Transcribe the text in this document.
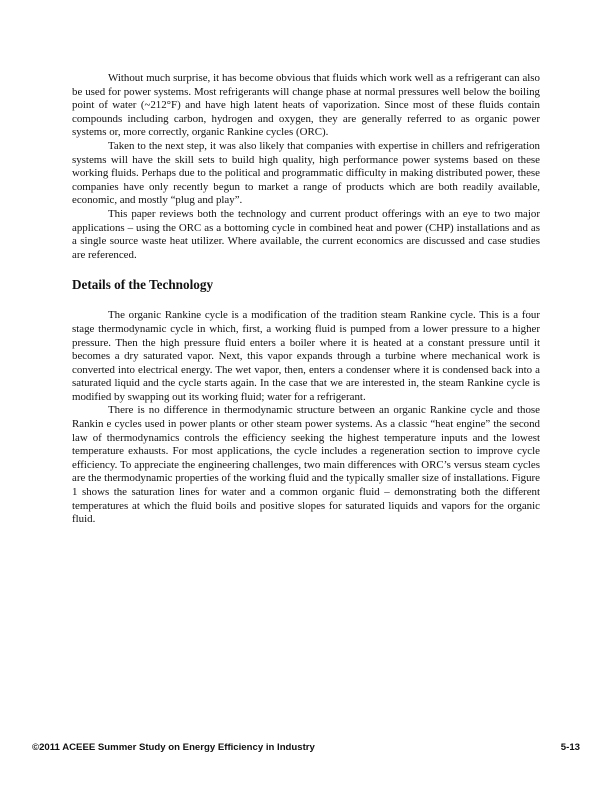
Without much surprise, it has become obvious that fluids which work well as a refrigerant can also be used for power systems. Most refrigerants will change phase at normal pressures well below the boiling point of water (~212°F) and have high latent heats of vaporization. Since most of these fluids contain compounds including carbon, hydrogen and oxygen, they are generally referred to as organic power systems or, more correctly, organic Rankine cycles (ORC).

Taken to the next step, it was also likely that companies with expertise in chillers and refrigeration systems will have the skill sets to build high quality, high performance power systems based on these working fluids. Perhaps due to the political and programmatic difficulty in making distributed power, these companies have only recently begun to market a range of products which are both readily available, economic, and mostly “plug and play”.

This paper reviews both the technology and current product offerings with an eye to two major applications – using the ORC as a bottoming cycle in combined heat and power (CHP) installations and as a single source waste heat utilizer. Where available, the current economics are discussed and case studies are referenced.

Details of the Technology

The organic Rankine cycle is a modification of the tradition steam Rankine cycle. This is a four stage thermodynamic cycle in which, first, a working fluid is pumped from a lower pressure to a higher pressure. Then the high pressure fluid enters a boiler where it is heated at a constant pressure until it becomes a dry saturated vapor. Next, this vapor expands through a turbine where mechanical work is converted into electrical energy. The wet vapor, then, enters a condenser where it is condensed back into a saturated liquid and the cycle starts again. In the case that we are interested in, the steam Rankine cycle is modified by swapping out its working fluid; water for a refrigerant.

There is no difference in thermodynamic structure between an organic Rankine cycle and those Rankin e cycles used in power plants or other steam power systems. As a classic “heat engine” the second law of thermodynamics controls the efficiency seeking the highest temperature inputs and the lowest temperature exhausts. For most applications, the cycle includes a regeneration section to improve cycle efficiency. To appreciate the engineering challenges, two main differences with ORC’s versus steam cycles are the thermodynamic properties of the working fluid and the typically smaller size of installations. Figure 1 shows the saturation lines for water and a common organic fluid – demonstrating both the different temperatures at which the fluid boils and positive slopes for saturated liquids and vapors for the organic fluid.

©2011 ACEEE Summer Study on Energy Efficiency in Industry	5-13
